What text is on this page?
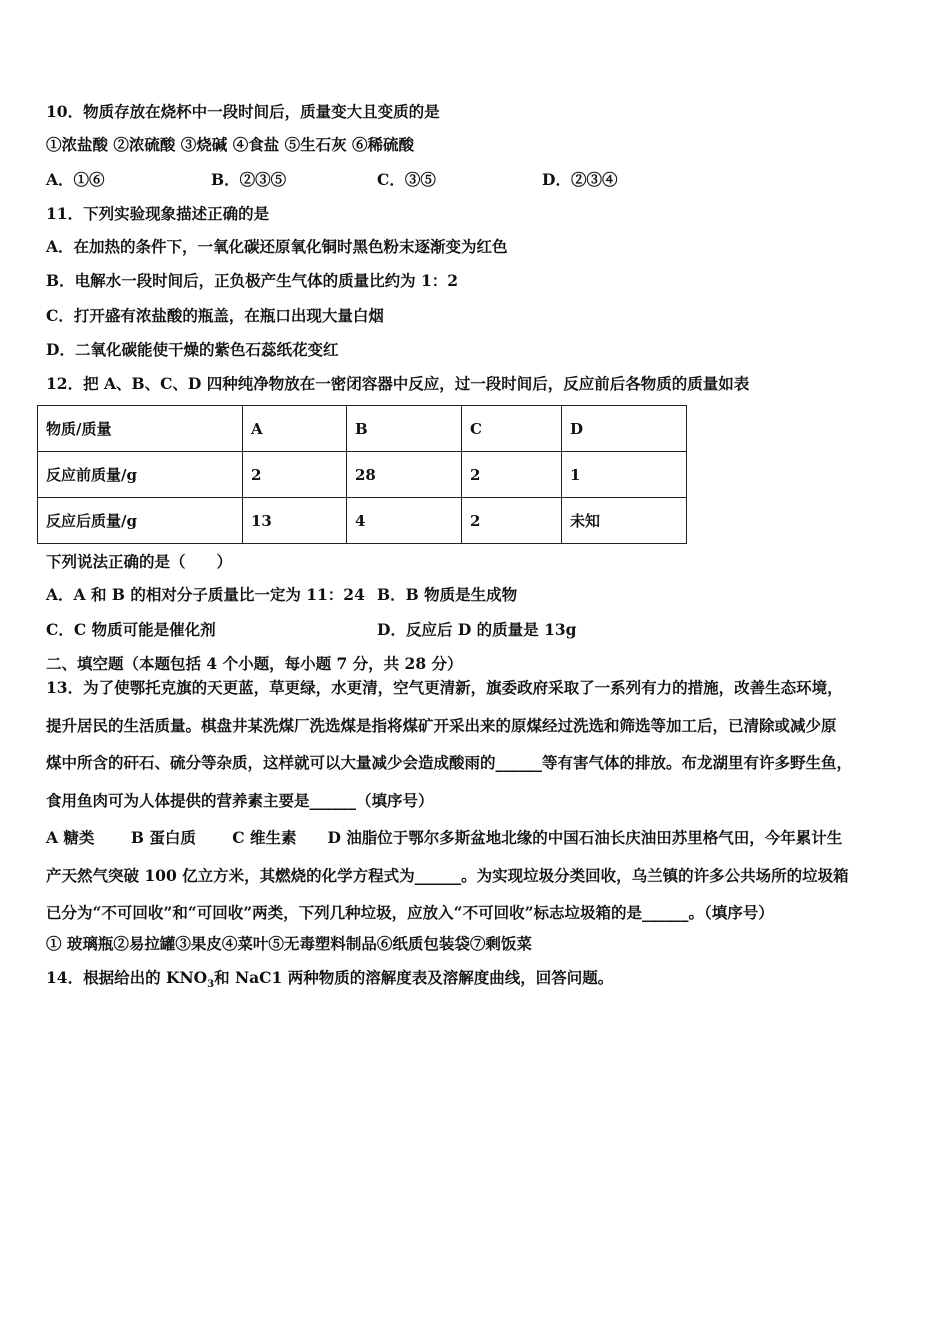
10．物质存放在烧杯中一段时间后，质量变大且变质的是
①浓盐酸 ②浓硫酸 ③烧碱 ④食盐 ⑤生石灰 ⑥稀硫酸
A．①⑥	B．②③⑤	C．③⑤	D．②③④
11．下列实验现象描述正确的是
A．在加热的条件下，一氧化碳还原氧化铜时黑色粉末逐渐变为红色
B．电解水一段时间后，正负极产生气体的质量比约为 1：2
C．打开盛有浓盐酸的瓶盖，在瓶口出现大量白烟
D．二氧化碳能使干燥的紫色石蕊纸花变红
12．把 A、B、C、D 四种纯净物放在一密闭容器中反应，过一段时间后，反应前后各物质的质量如表
物质/质量	A	B	C	D
反应前质量/g	2	28	2	1
反应后质量/g	13	4	2	未知
下列说法正确的是（　　）
A．A 和 B 的相对分子质量比一定为 11：24 B．B 物质是生成物
C．C 物质可能是催化剂	D．反应后 D 的质量是 13g
二、填空题（本题包括 4 个小题，每小题 7 分，共 28 分）
13．为了使鄂托克旗的天更蓝，草更绿，水更清，空气更清新，旗委政府采取了一系列有力的措施，改善生态环境，
提升居民的生活质量。棋盘井某洗煤厂洗选煤是指将煤矿开采出来的原煤经过洗选和筛选等加工后，已清除或减少原
煤中所含的矸石、硫分等杂质，这样就可以大量减少会造成酸雨的______等有害气体的排放。布龙湖里有许多野生鱼，
食用鱼肉可为人体提供的营养素主要是______（填序号）
A 糖类　　 B 蛋白质　　 C 维生素　　D 油脂位于鄂尔多斯盆地北缘的中国石油长庆油田苏里格气田，今年累计生
产天然气突破 100 亿立方米，其燃烧的化学方程式为______。为实现垃圾分类回收，乌兰镇的许多公共场所的垃圾箱
已分为“不可回收”和“可回收”两类，下列几种垃圾，应放入“不可回收”标志垃圾箱的是______。（填序号）
① 玻璃瓶②易拉罐③果皮④菜叶⑤无毒塑料制品⑥纸质包装袋⑦剩饭菜
14．根据给出的 $KNO_3$和 NaC1 两种物质的溶解度表及溶解度曲线，回答问题。
